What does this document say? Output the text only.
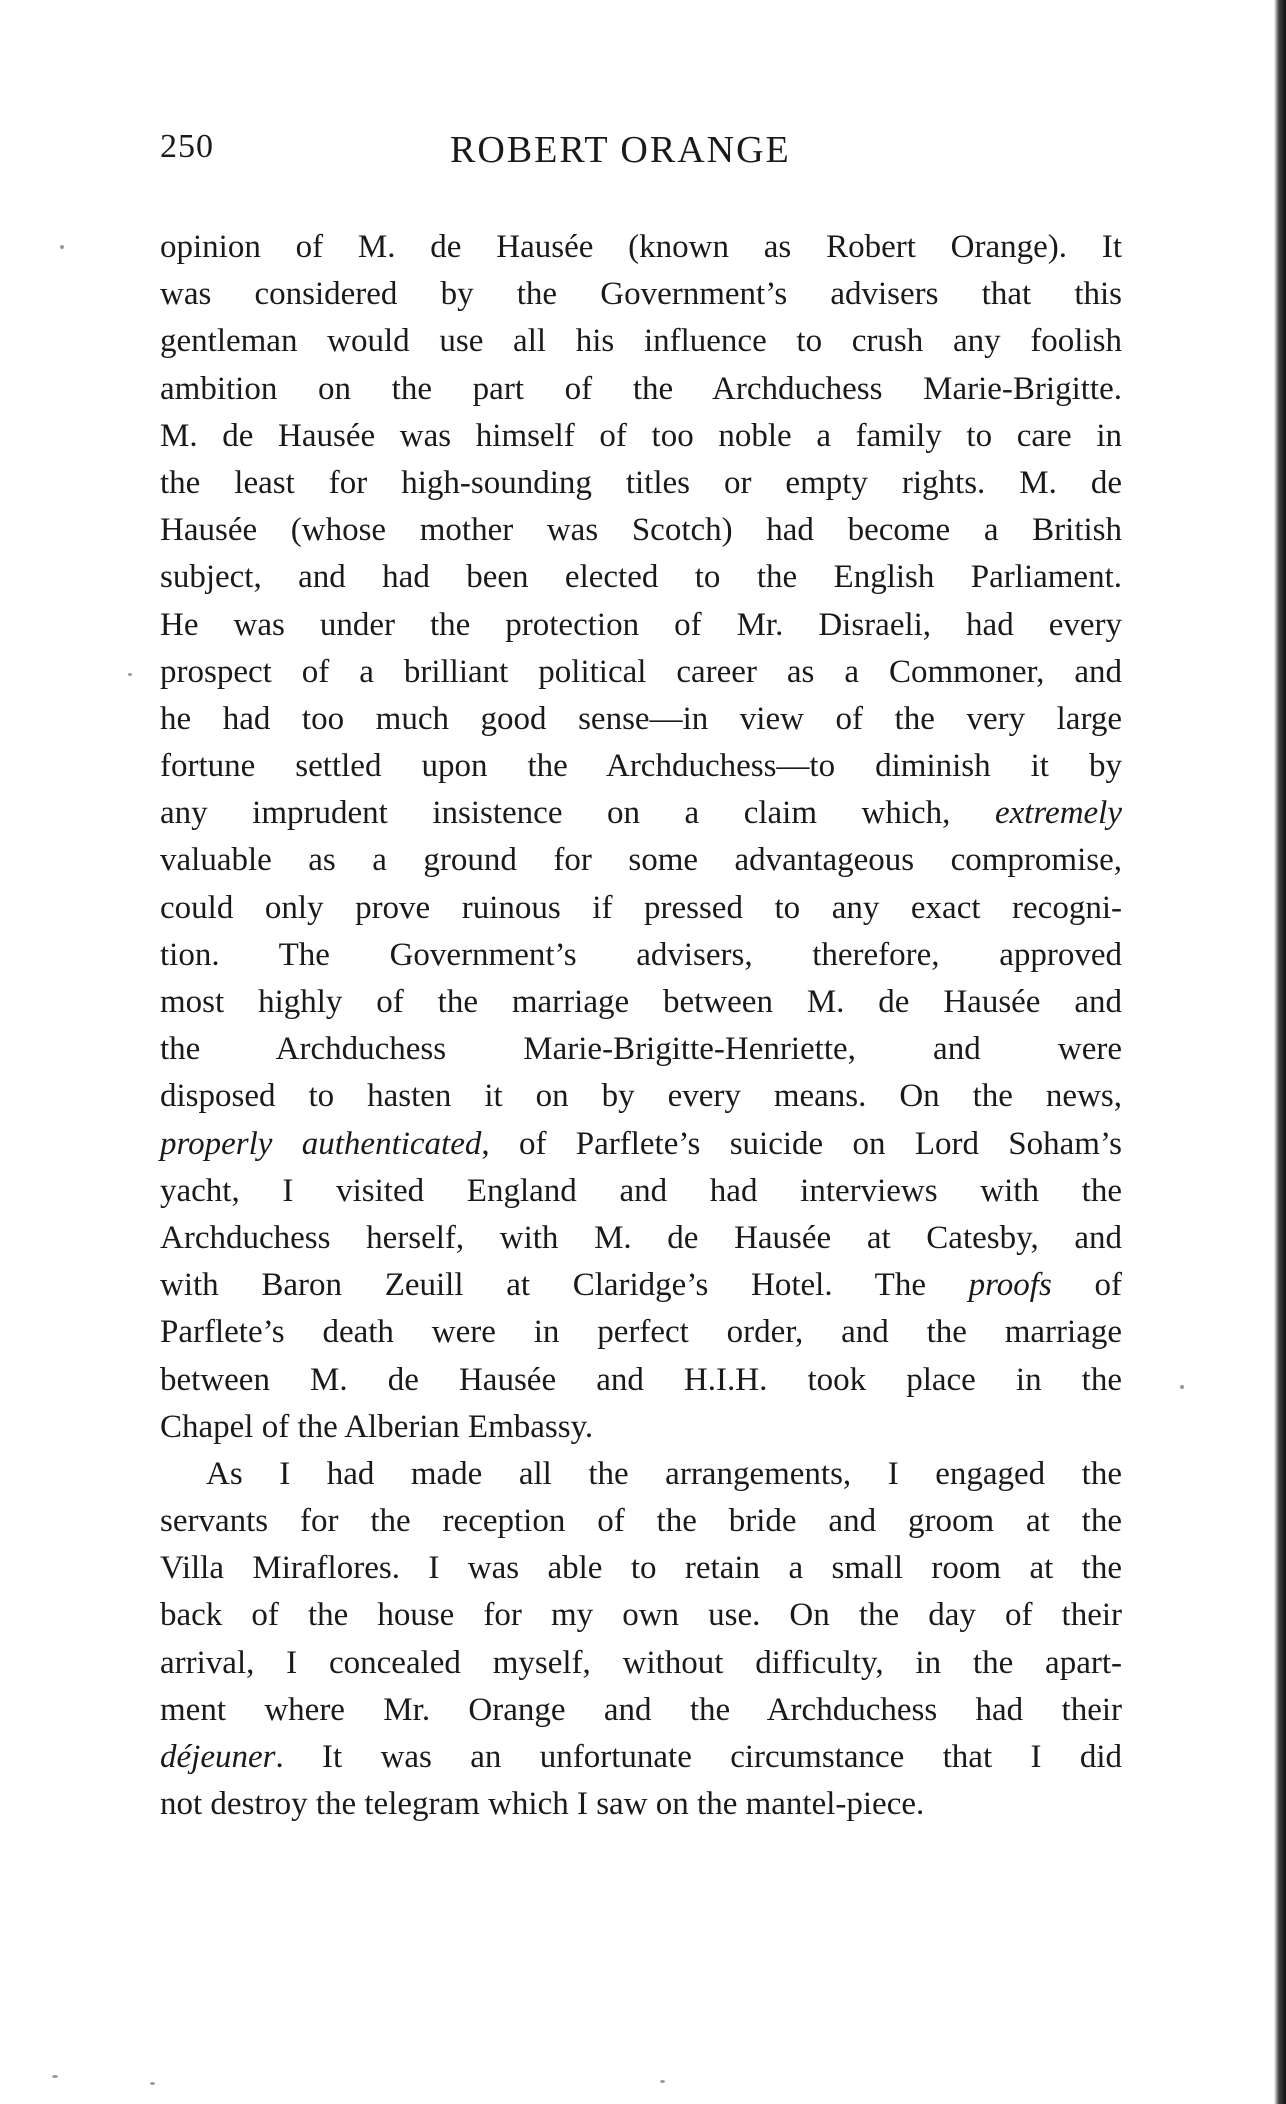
250	ROBERT ORANGE
opinion of M. de Hausée (known as Robert Orange). It
was considered by the Government’s advisers that this
gentleman would use all his influence to crush any foolish
ambition on the part of the Archduchess Marie-Brigitte.
M. de Hausée was himself of too noble a family to care in
the least for high-sounding titles or empty rights. M. de
Hausée (whose mother was Scotch) had become a British
subject, and had been elected to the English Parliament.
He was under the protection of Mr. Disraeli, had every
prospect of a brilliant political career as a Commoner, and
he had too much good sense—in view of the very large
fortune settled upon the Archduchess—to diminish it by
any imprudent insistence on a claim which, extremely
valuable as a ground for some advantageous compromise,
could only prove ruinous if pressed to any exact recogni-
tion. The Government’s advisers, therefore, approved
most highly of the marriage between M. de Hausée and
the Archduchess Marie-Brigitte-Henriette, and were
disposed to hasten it on by every means. On the news,
properly authenticated, of Parflete’s suicide on Lord Soham’s
yacht, I visited England and had interviews with the
Archduchess herself, with M. de Hausée at Catesby, and
with Baron Zeuill at Claridge’s Hotel. The proofs of
Parflete’s death were in perfect order, and the marriage
between M. de Hausée and H.I.H. took place in the
Chapel of the Alberian Embassy.
As I had made all the arrangements, I engaged the
servants for the reception of the bride and groom at the
Villa Miraflores. I was able to retain a small room at the
back of the house for my own use. On the day of their
arrival, I concealed myself, without difficulty, in the apart-
ment where Mr. Orange and the Archduchess had their
déjeuner. It was an unfortunate circumstance that I did
not destroy the telegram which I saw on the mantel-piece.
